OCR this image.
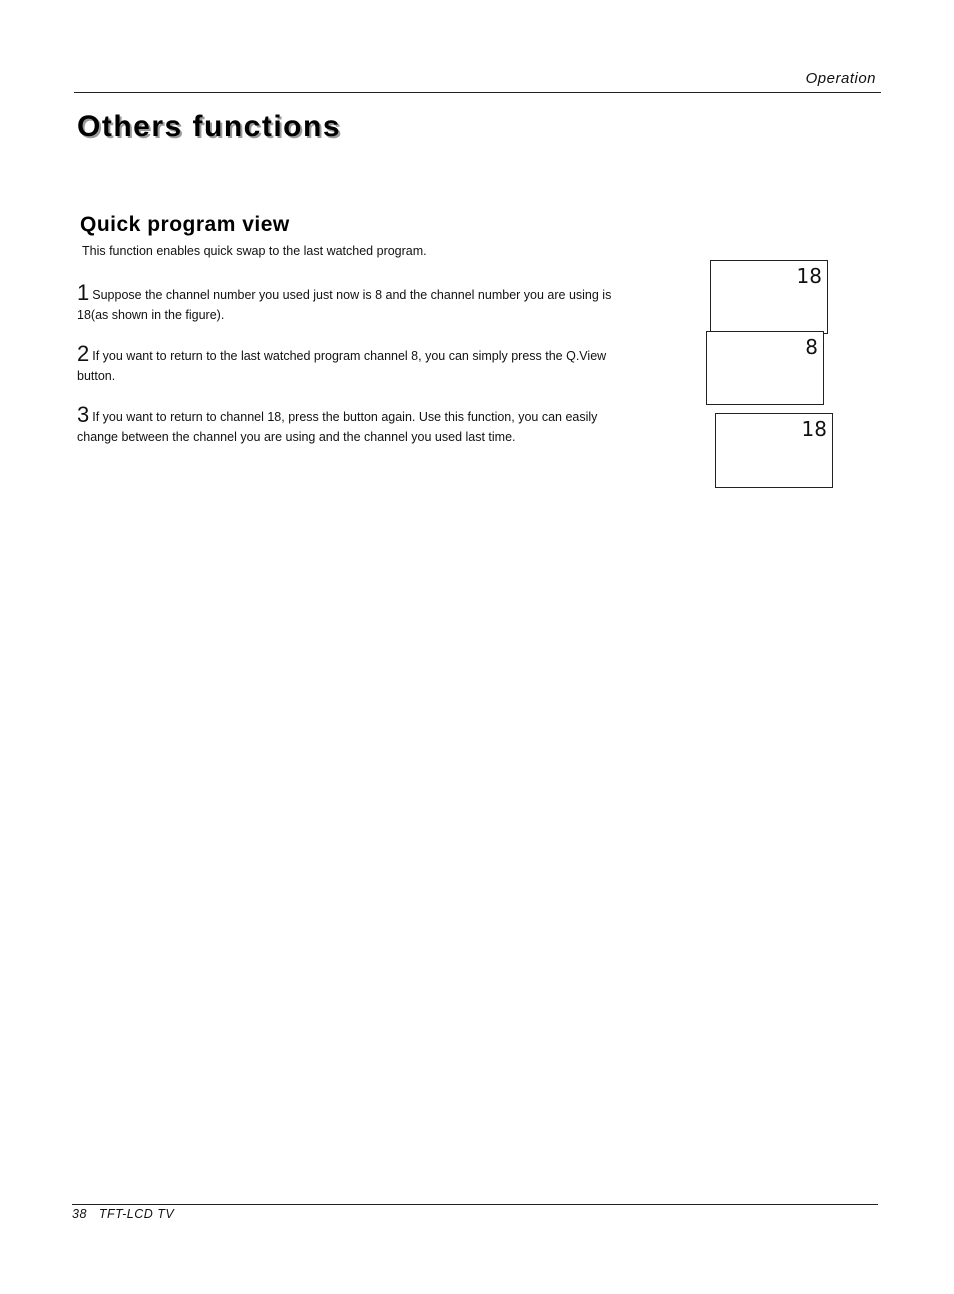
Operation
Others functions
Quick program view
This function enables quick swap to the last watched program.
1 Suppose the channel number you used just now is 8 and the channel number you are using is 18(as shown in the figure).
2 If you want to return to the last watched program channel 8, you can simply press the Q.View button.
3 If you want to return to channel 18, press the button again. Use this function, you can easily change between the channel you are using and the channel you used last time.
18
8
18
38   TFT-LCD TV
